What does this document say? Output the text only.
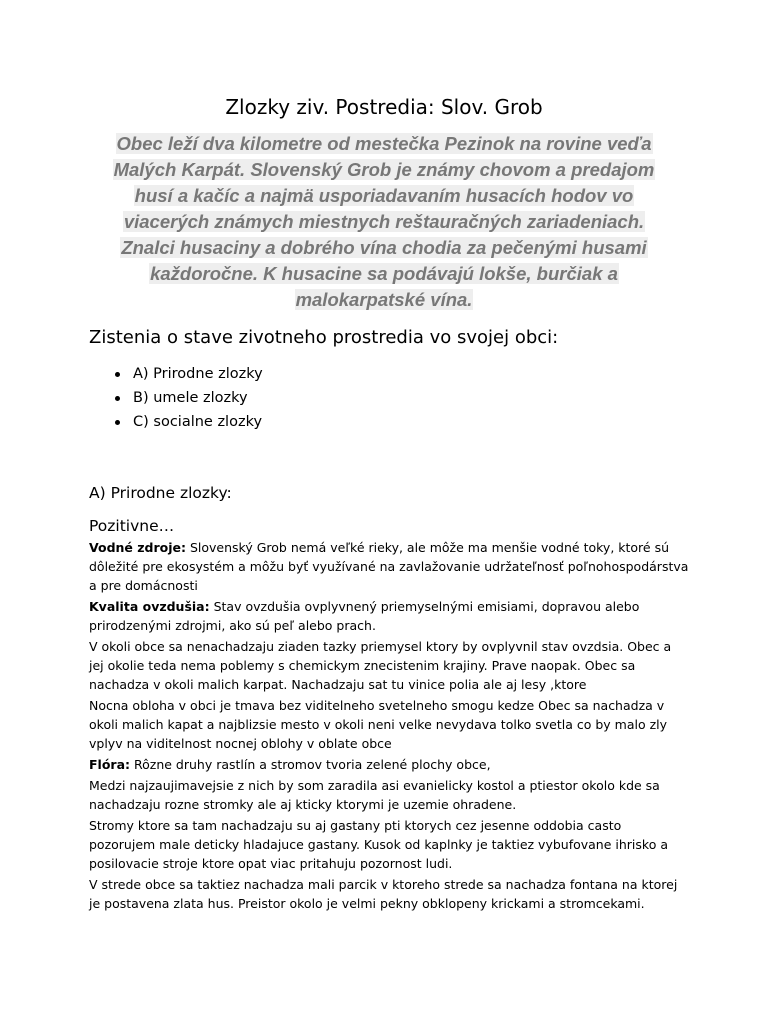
Zlozky ziv. Postredia: Slov. Grob
Obec leží dva kilometre od mestečka Pezinok na rovine veďa Malých Karpát. Slovenský Grob je známy chovom a predajom husí a kačíc a najmä usporiadavaním husacích hodov vo viacerých známych miestnych reštauračných zariadeniach. Znalci husaciny a dobrého vína chodia za pečenými husami každoročne. K husacine sa podávajú lokše, burčiak a malokarpatské vína.
Zistenia o stave zivotneho prostredia vo svojej obci:
A) Prirodne zlozky
B) umele zlozky
C) socialne zlozky
A) Prirodne zlozky:
Pozitivne…

Vodné zdroje: Slovenský Grob nemá veľké rieky, ale môže ma menšie vodné toky, ktoré sú dôležité pre ekosystém a môžu byť využívané na zavlažovanie udržateľnosť poľnohospodárstva a pre domácnosti

Kvalita ovzdušia: Stav ovzdušia ovplyvnený priemyselnými emisiami, dopravou alebo prirodzenými zdrojmi, ako sú peľ alebo prach.

V okoli obce sa nenachadzaju ziaden tazky priemysel ktory by ovplyvnil stav ovzdsia. Obec a jej okolie teda nema poblemy s chemickym znecistenim krajiny. Prave naopak. Obec sa nachadza v okoli malich karpat. Nachadzaju sat tu vinice polia ale aj lesy ,ktore

Nocna obloha v obci je tmava bez viditelneho svetelneho smogu kedze Obec sa nachadza v okoli malich kapat a najblizsie mesto v okoli neni velke nevydava tolko svetla co by malo zly vplyv na viditelnost nocnej oblohy v oblate obce

Flóra: Rôzne druhy rastlín a stromov tvoria zelené plochy obce,

Medzi najzaujimavejsie z nich by som zaradila asi evanielicky kostol a ptiestor okolo kde sa nachadzaju rozne stromky ale aj kticky ktorymi je uzemie ohradene.

Stromy ktore sa tam nachadzaju su aj gastany pti ktorych cez jesenne oddobia casto pozorujem male deticky hladajuce gastany. Kusok od kaplnky je taktiez vybufovane ihrisko a posilovacie stroje ktore opat viac pritahuju pozornost ludi.

V strede obce sa taktiez nachadza mali parcik v ktoreho strede sa nachadza fontana na ktorej je postavena zlata hus. Preistor okolo je velmi pekny obklopeny krickami a stromcekami.
